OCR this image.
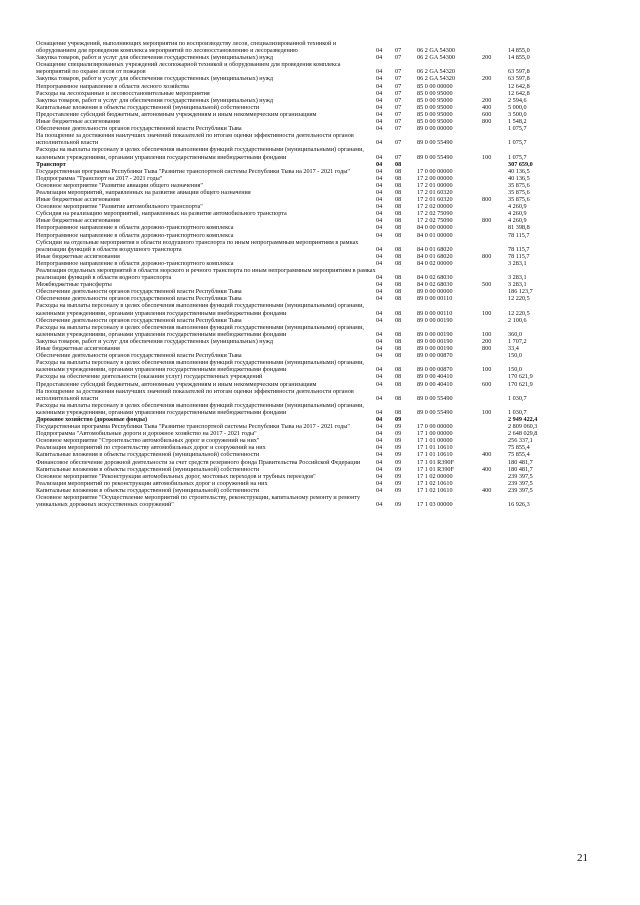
Оснащение учреждений, выполняющих мероприятия по воспроизводству лесов, специализированной техникой и оборудованием для проведения комплекса мероприятий по лесовосстановлению и лесоразведению	04	07	06 2 GA 54300		14 855,0
Закупка товаров, работ и услуг для обеспечения государственных (муниципальных) нужд	04	07	06 2 GA 54300	200	14 855,0
Оснащение специализированных учреждений лесопожарной техникой и оборудованием для проведения комплекса мероприятий по охране лесов от пожаров	04	07	06 2 GA 54320		63 597,8
Закупка товаров, работ и услуг для обеспечения государственных (муниципальных) нужд	04	07	06 2 GA 54320	200	63 597,8
Непрограммное направление в области лесного хозяйства	04	07	85 0 00 00000		12 642,8
Расходы на лесоохранные и лесовосстановительные мероприятия	04	07	85 0 00 95000		12 642,8
Закупка товаров, работ и услуг для обеспечения государственных (муниципальных) нужд	04	07	85 0 00 95000	200	2 594,6
Капитальные вложения в объекты государственной (муниципальной) собственности	04	07	85 0 00 95000	400	5 000,0
Предоставление субсидий бюджетным, автономным учреждениям и иным некоммерческим организациям	04	07	85 0 00 95000	600	3 500,0
Иные бюджетные ассигнования	04	07	85 0 00 95000	800	1 548,2
Обеспечение деятельности органов государственной власти Республики Тыва	04	07	89 0 00 00000		1 075,7
На поощрение за достижения наилучших значений показателей по итогам оценки эффективности деятельности органов исполнительной власти	04	07	89 0 00 55490		1 075,7
Расходы на выплаты персоналу в целях обеспечения выполнения функций государственными (муниципальными) органами, казенными учреждениями, органами управления государственными внебюджетными фондами	04	07	89 0 00 55490	100	1 075,7
Транспорт	04	08			307 659,0
Государственная программа Республики Тыва "Развитие транспортной системы Республики Тыва на 2017 - 2021 годы"	04	08	17 0 00 00000		40 136,5
Подпрограмма "Транспорт на 2017 - 2021 годы"	04	08	17 2 00 00000		40 136,5
Основное мероприятие "Развитие авиации общего назначения"	04	08	17 2 01 00000		35 875,6
Реализация мероприятий, направленных на развитие авиации общего назначения	04	08	17 2 01 60320		35 875,6
Иные бюджетные ассигнования	04	08	17 2 01 60320	800	35 875,6
Основное мероприятие "Развитие автомобильного транспорта"	04	08	17 2 02 00000		4 260,9
Субсидия на реализацию мероприятий, направленных на развитие автомобильного транспорта	04	08	17 2 02 75090		4 260,9
Иные бюджетные ассигнования	04	08	17 2 02 75090	800	4 260,9
Непрограммное направление в области дорожно-транспортного комплекса	04	08	84 0 00 00000		81 398,8
Непрограммное направление в области дорожно-транспортного комплекса	04	08	84 0 01 00000		78 115,7
Субсидии на отдельные мероприятия в области воздушного транспорта по иным непрограммным мероприятиям в рамках реализации функций в области воздушного транспорта	04	08	84 0 01 68020		78 115,7
Иные бюджетные ассигнования	04	08	84 0 01 68020	800	78 115,7
Непрограммное направление в области дорожно-транспортного комплекса	04	08	84 0 02 00000		3 283,1
Реализация отдельных мероприятий в области морского и речного транспорта по иным непрограммным мероприятиям в рамках реализации функций в области водного транспорта	04	08	84 0 02 68030		3 283,1
Межбюджетные трансферты	04	08	84 0 02 68030	500	3 283,1
Обеспечение деятельности органов государственной власти Республики Тыва	04	08	89 0 00 00000		186 123,7
Обеспечение деятельности органов государственной власти Республики Тыва	04	08	89 0 00 00110		12 220,5
Расходы на выплаты персоналу в целях обеспечения выполнения функций государственными (муниципальными) органами, казенными учреждениями, органами управления государственными внебюджетными фондами	04	08	89 0 00 00110	100	12 220,5
Обеспечение деятельности органов государственной власти Республики Тыва	04	08	89 0 00 00190		2 100,6
Расходы на выплаты персоналу в целях обеспечения выполнения функций государственными (муниципальными) органами, казенными учреждениями, органами управления государственными внебюджетными фондами	04	08	89 0 00 00190	100	360,0
Закупка товаров, работ и услуг для обеспечения государственных (муниципальных) нужд	04	08	89 0 00 00190	200	1 707,2
Иные бюджетные ассигнования	04	08	89 0 00 00190	800	33,4
Обеспечение деятельности органов государственной власти Республики Тыва	04	08	89 0 00 00870		150,0
Расходы на выплаты персоналу в целях обеспечения выполнения функций государственными (муниципальными) органами, казенными учреждениями, органами управления государственными внебюджетными фондами	04	08	89 0 00 00870	100	150,0
Расходы на обеспечение деятельности (оказания услуг) государственных учреждений	04	08	89 0 00 40410		170 621,9
Предоставление субсидий бюджетным, автономным учреждениям и иным некоммерческим организациям	04	08	89 0 00 40410	600	170 621,9
На поощрение за достижения наилучших значений показателей по итогам оценки эффективности деятельности органов исполнительной власти	04	08	89 0 00 55490		1 030,7
Расходы на выплаты персоналу в целях обеспечения выполнения функций государственными (муниципальными) органами, казенными учреждениями, органами управления государственными внебюджетными фондами	04	08	89 0 00 55490	100	1 030,7
Дорожное хозяйство (дорожные фонды)	04	09			2 949 422,4
Государственная программа Республики Тыва "Развитие транспортной системы Республики Тыва на 2017 - 2021 годы"	04	09	17 0 00 00000		2 809 060,3
Подпрограмма "Автомобильные дороги и дорожное хозяйство на 2017 - 2021 годы"	04	09	17 1 00 00000		2 648 029,8
Основное мероприятие "Строительство автомобильных дорог и сооружений на них"	04	09	17 1 01 00000		256 337,1
Реализация мероприятий по строительству автомобильных дорог и сооружений на них	04	09	17 1 01 10610		75 855,4
Капитальные вложения в объекты государственной (муниципальной) собственности	04	09	17 1 01 10610	400	75 855,4
Финансовое обеспечение дорожной деятельности за счет средств резервного фонда Правительства Российской Федерации	04	09	17 1 01 R390F		180 481,7
Капитальные вложения в объекты государственной (муниципальной) собственности	04	09	17 1 01 R390F	400	180 481,7
Основное мероприятие "Реконструкция автомобильных дорог, мостовых переходов и трубных переездов"	04	09	17 1 02 00000		239 397,5
Реализация мероприятий по реконструкции автомобильных дорог и сооружений на них	04	09	17 1 02 10610		239 397,5
Капитальные вложения в объекты государственной (муниципальной) собственности	04	09	17 1 02 10610	400	239 397,5
Основное мероприятие "Осуществление мероприятий по строительству, реконструкции, капитальному ремонту и ремонту уникальных дорожных искусственных сооружений"	04	09	17 1 03 00000		16 926,3
21
